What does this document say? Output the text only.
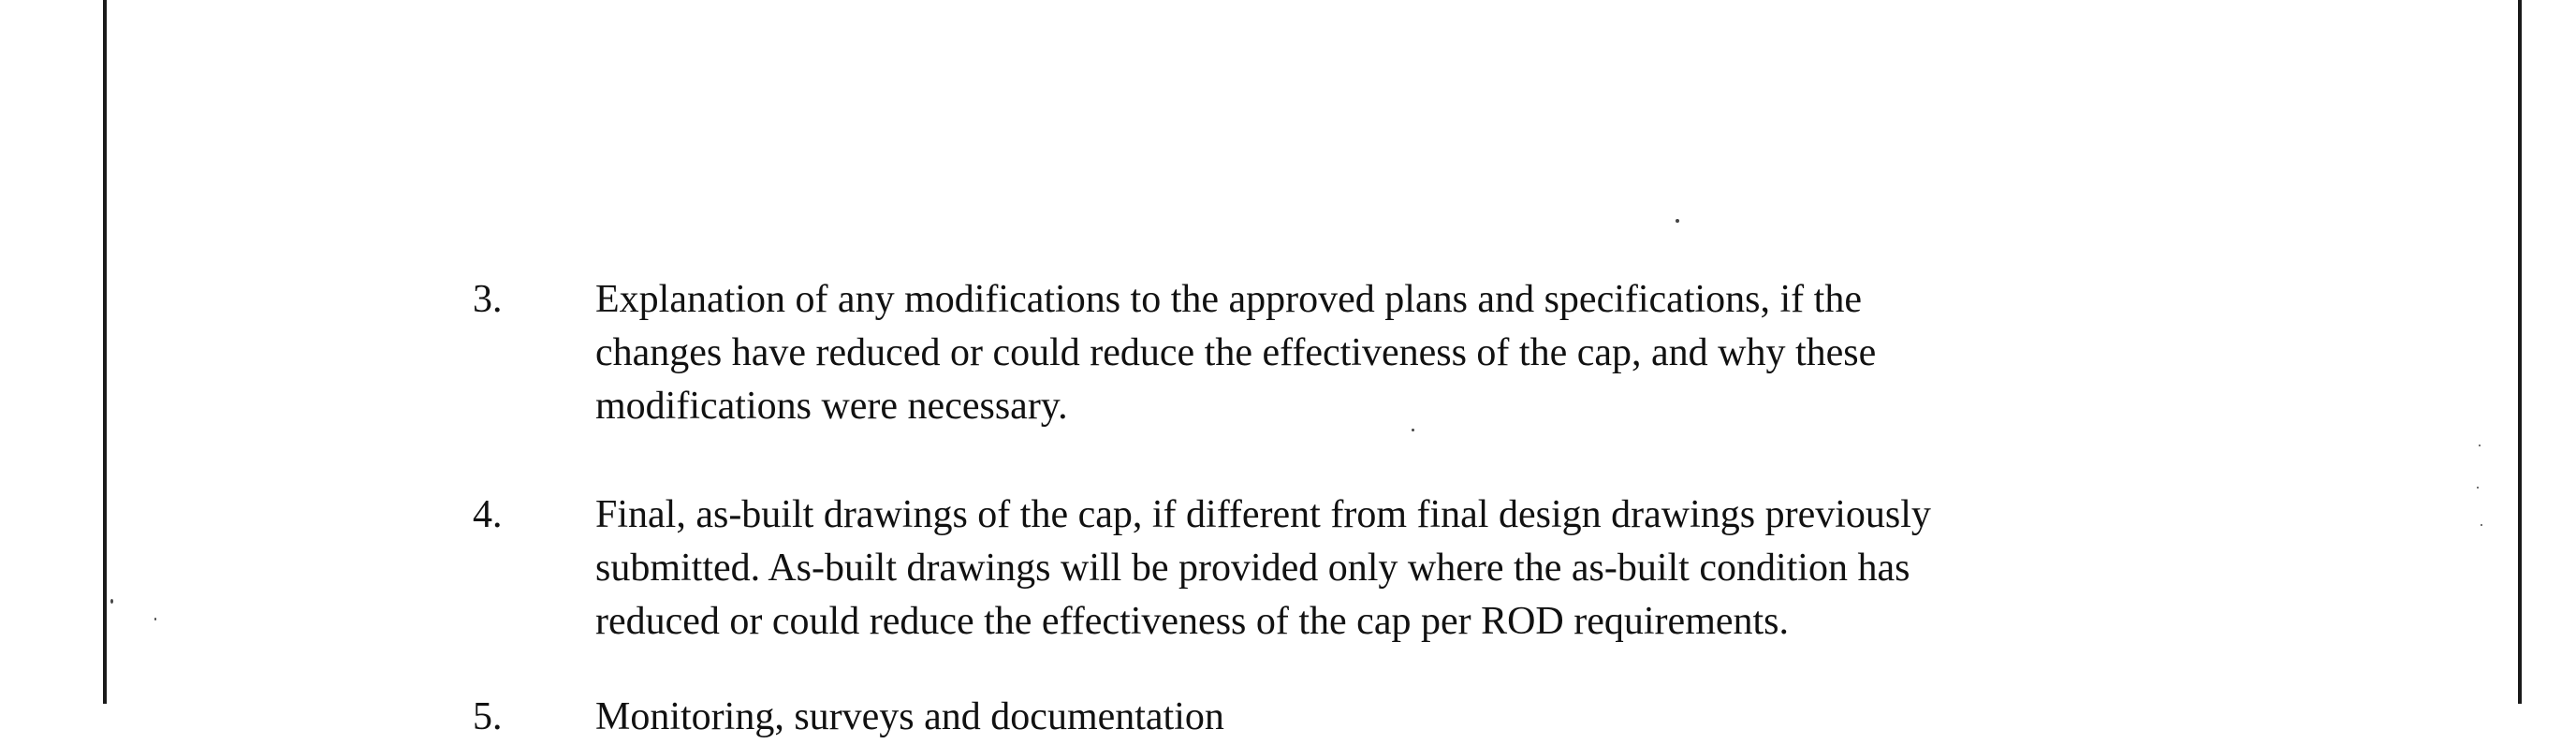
3.	Explanation of any modifications to the approved plans and specifications, if the
changes have reduced or could reduce the effectiveness of the cap, and why these
modifications were necessary.
4.	Final, as-built drawings of the cap, if different from final design drawings previously
submitted. As-built drawings will be provided only where the as-built condition has
reduced or could reduce the effectiveness of the cap per ROD requirements.
5.	Monitoring, surveys and documentation
